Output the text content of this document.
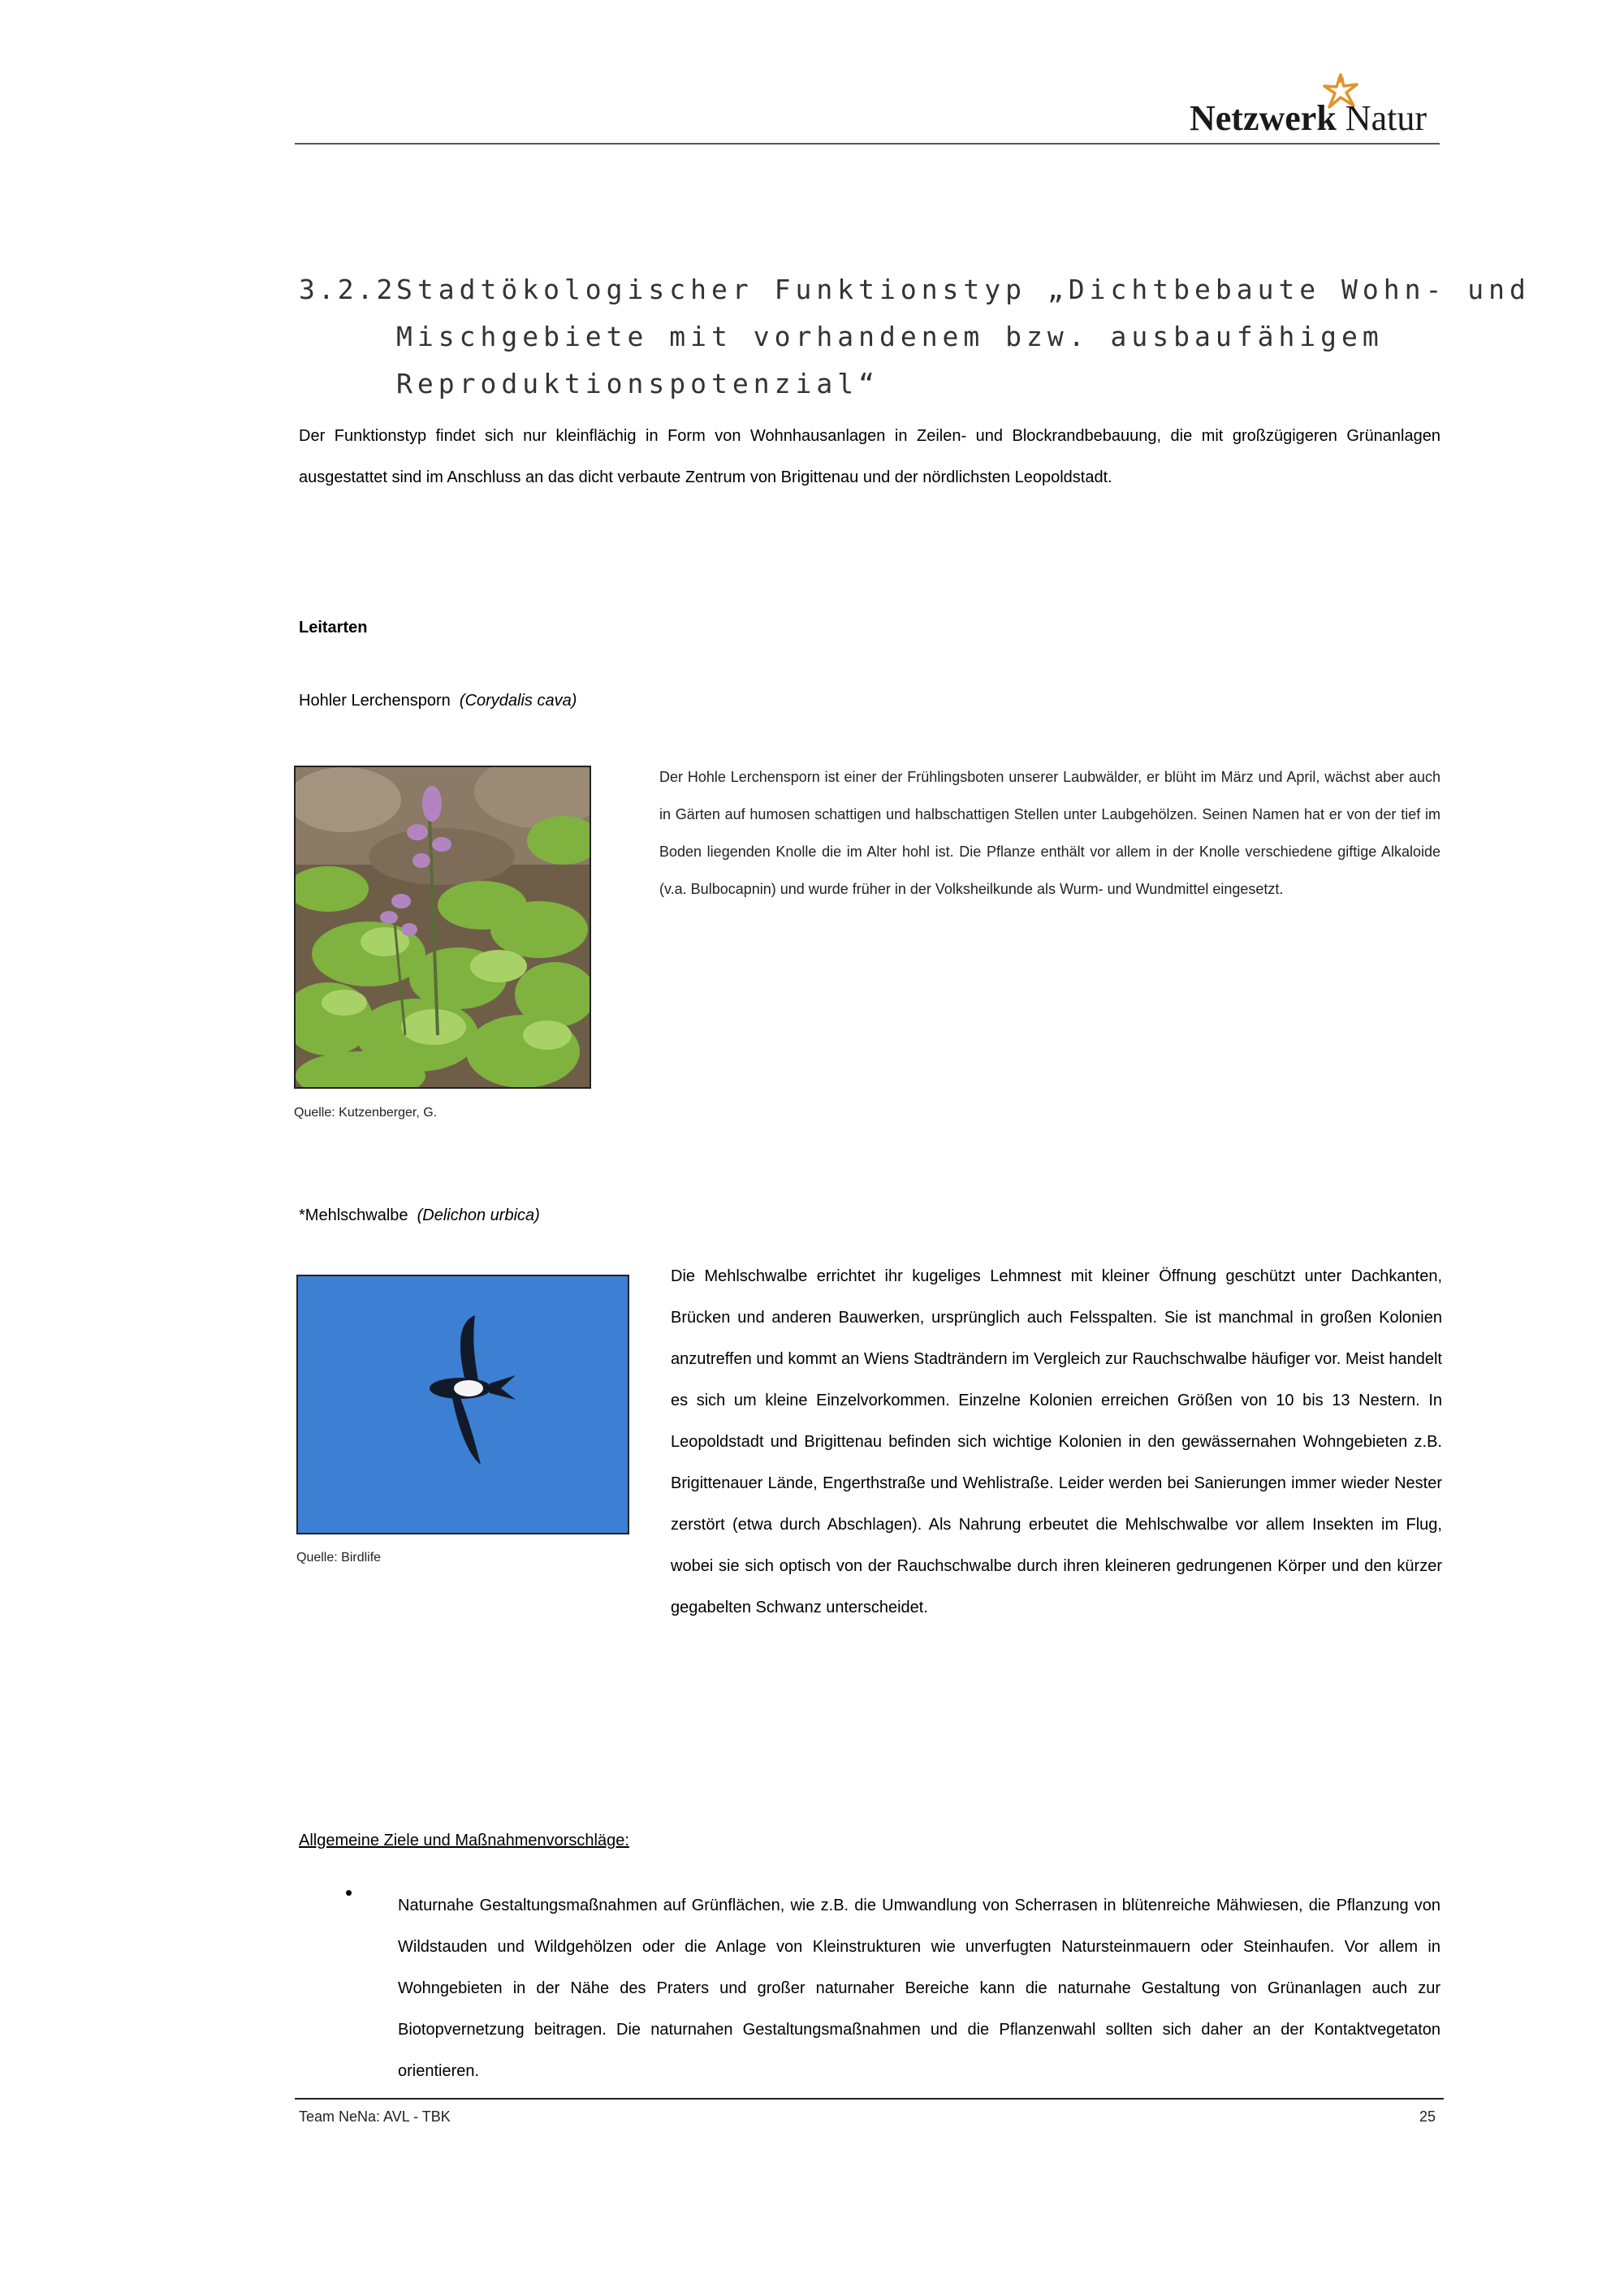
Netzwerk Natur
3.2.2Stadtökologischer Funktionstyp „Dichtbebaute Wohn- und
Mischgebiete mit vorhandenem bzw. ausbaufähigem
Reproduktionspotenzial“
Der Funktionstyp findet sich nur kleinflächig in Form von Wohnhausanlagen in Zeilen- und Blockrandbebauung, die mit großzügigeren Grünanlagen ausgestattet sind im Anschluss an das dicht verbaute Zentrum von Brigittenau und der nördlichsten Leopoldstadt.
Leitarten
Hohler Lerchensporn (Corydalis cava)
Quelle: Kutzenberger, G.
Der Hohle Lerchensporn ist einer der Frühlingsboten unserer Laubwälder, er blüht im März und April, wächst aber auch in Gärten auf humosen schattigen und halbschattigen Stellen unter Laubgehölzen. Seinen Namen hat er von der tief im Boden liegenden Knolle die im Alter hohl ist. Die Pflanze enthält vor allem in der Knolle verschiedene giftige Alkaloide (v.a. Bulbocapnin) und wurde früher in der Volksheilkunde als Wurm- und Wundmittel eingesetzt.
*Mehlschwalbe (Delichon urbica)
Quelle: Birdlife
Die Mehlschwalbe errichtet ihr kugeliges Lehmnest mit kleiner Öffnung geschützt unter Dachkanten, Brücken und anderen Bauwerken, ursprünglich auch Felsspalten. Sie ist manchmal in großen Kolonien anzutreffen und kommt an Wiens Stadträndern im Vergleich zur Rauchschwalbe häufiger vor. Meist handelt es sich um kleine Einzelvorkommen. Einzelne Kolonien erreichen Größen von 10 bis 13 Nestern. In Leopoldstadt und Brigittenau befinden sich wichtige Kolonien in den gewässernahen Wohngebieten z.B. Brigittenauer Lände, Engerthstraße und Wehlistraße. Leider werden bei Sanierungen immer wieder Nester zerstört (etwa durch Abschlagen). Als Nahrung erbeutet die Mehlschwalbe vor allem Insekten im Flug, wobei sie sich optisch von der Rauchschwalbe durch ihren kleineren gedrungenen Körper und den kürzer gegabelten Schwanz unterscheidet.
Allgemeine Ziele und Maßnahmenvorschläge:
•
Naturnahe Gestaltungsmaßnahmen auf Grünflächen, wie z.B. die Umwandlung von Scherrasen in blütenreiche Mähwiesen, die Pflanzung von Wildstauden und Wildgehölzen oder die Anlage von Kleinstrukturen wie unverfugten Natursteinmauern oder Steinhaufen. Vor allem in Wohngebieten in der Nähe des Praters und großer naturnaher Bereiche kann die naturnahe Gestaltung von Grünanlagen auch zur Biotopvernetzung beitragen. Die naturnahen Gestaltungsmaßnahmen und die Pflanzenwahl sollten sich daher an der Kontaktvegetaton orientieren.
Team NeNa: AVL - TBK	25
